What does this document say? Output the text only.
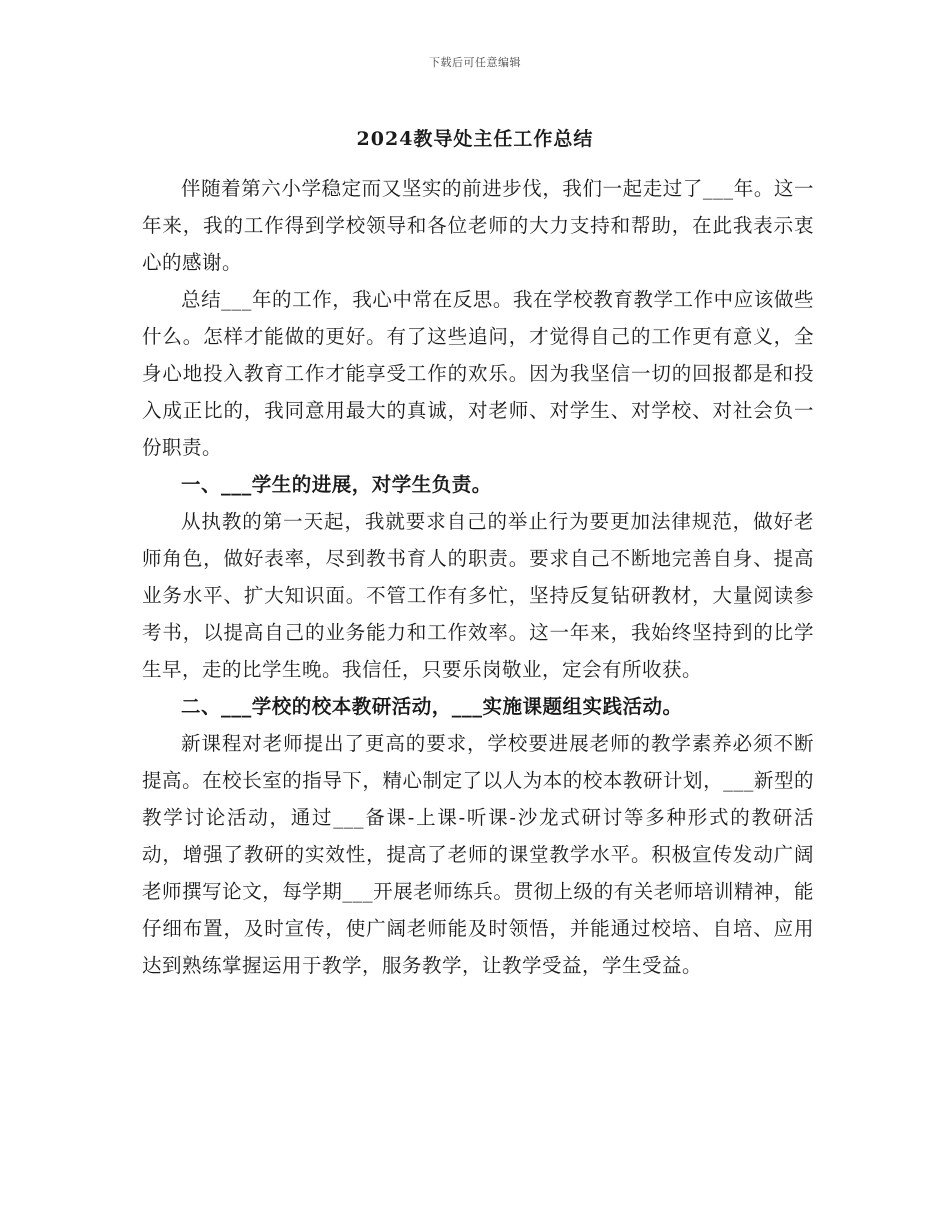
下载后可任意编辑
2024教导处主任工作总结

伴随着第六小学稳定而又坚实的前进步伐，我们一起走过了___年。这一年来，我的工作得到学校领导和各位老师的大力支持和帮助，在此我表示衷心的感谢。

总结___年的工作，我心中常在反思。我在学校教育教学工作中应该做些什么。怎样才能做的更好。有了这些追问，才觉得自己的工作更有意义，全身心地投入教育工作才能享受工作的欢乐。因为我坚信一切的回报都是和投入成正比的，我同意用最大的真诚，对老师、对学生、对学校、对社会负一份职责。

一、___学生的进展，对学生负责。

从执教的第一天起，我就要求自己的举止行为要更加法律规范，做好老师角色，做好表率，尽到教书育人的职责。要求自己不断地完善自身、提高业务水平、扩大知识面。不管工作有多忙，坚持反复钻研教材，大量阅读参考书，以提高自己的业务能力和工作效率。这一年来，我始终坚持到的比学生早，走的比学生晚。我信任，只要乐岗敬业，定会有所收获。

二、___学校的校本教研活动，___实施课题组实践活动。

新课程对老师提出了更高的要求，学校要进展老师的教学素养必须不断提高。在校长室的指导下，精心制定了以人为本的校本教研计划，___新型的教学讨论活动，通过___备课-上课-听课-沙龙式研讨等多种形式的教研活动，增强了教研的实效性，提高了老师的课堂教学水平。积极宣传发动广阔老师撰写论文，每学期___开展老师练兵。贯彻上级的有关老师培训精神，能仔细布置，及时宣传，使广阔老师能及时领悟，并能通过校培、自培、应用达到熟练掌握运用于教学，服务教学，让教学受益，学生受益。
